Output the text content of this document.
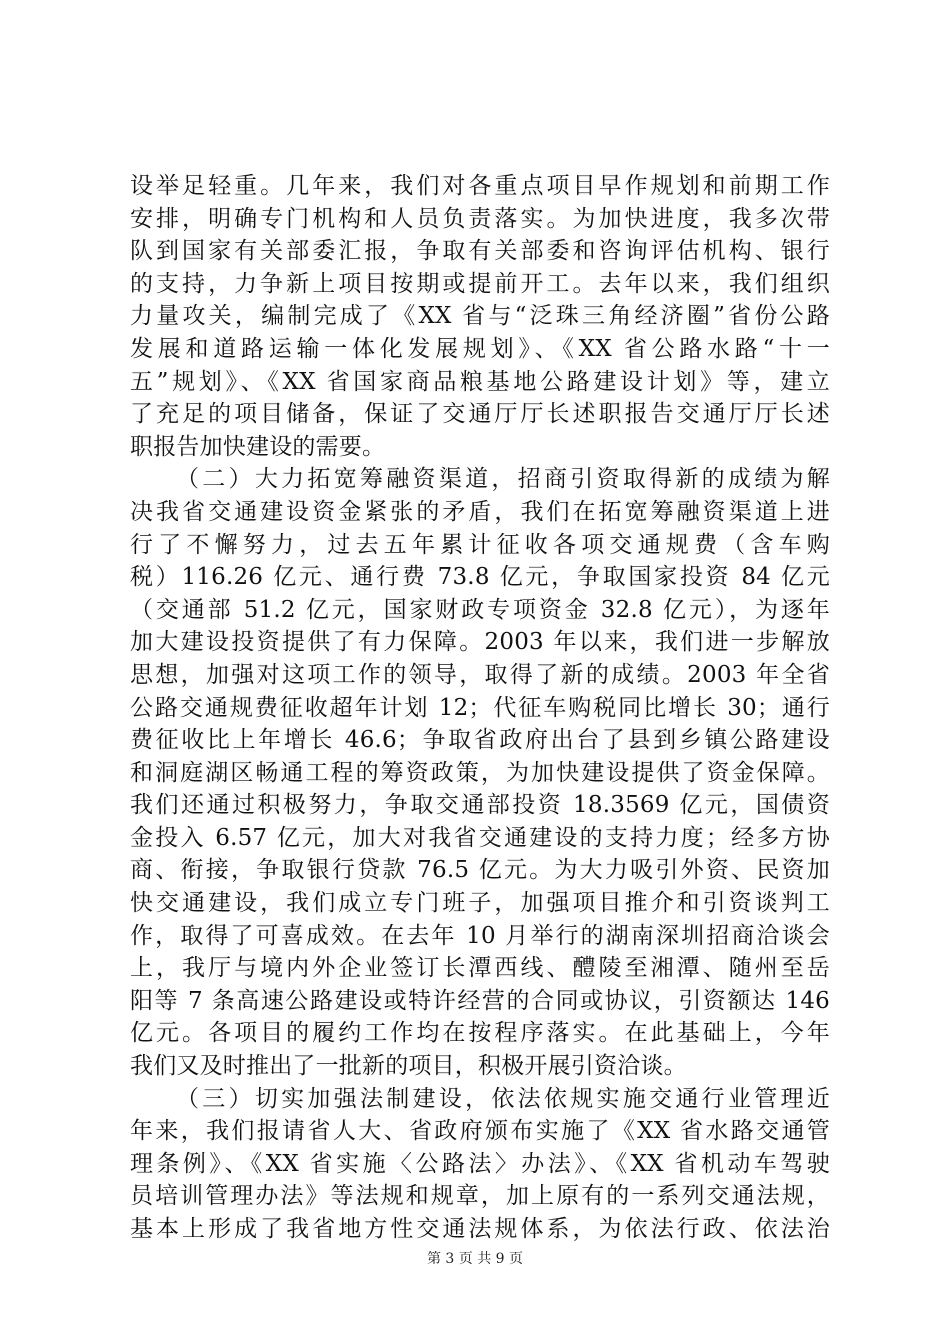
设举足轻重。几年来，我们对各重点项目早作规划和前期工作
安排，明确专门机构和人员负责落实。为加快进度，我多次带
队到国家有关部委汇报，争取有关部委和咨询评估机构、银行
的支持，力争新上项目按期或提前开工。去年以来，我们组织
力量攻关，编制完成了《XX 省与“泛珠三角经济圈”省份公路
发展和道路运输一体化发展规划》、《XX 省公路水路“十一
五”规划》、《XX 省国家商品粮基地公路建设计划》等，建立
了充足的项目储备，保证了交通厅厅长述职报告交通厅厅长述
职报告加快建设的需要。
（二）大力拓宽筹融资渠道，招商引资取得新的成绩为解
决我省交通建设资金紧张的矛盾，我们在拓宽筹融资渠道上进
行了不懈努力，过去五年累计征收各项交通规费（含车购
税）116.26 亿元、通行费 73.8 亿元，争取国家投资 84 亿元
（交通部 51.2 亿元，国家财政专项资金 32.8 亿元），为逐年
加大建设投资提供了有力保障。2003 年以来，我们进一步解放
思想，加强对这项工作的领导，取得了新的成绩。2003 年全省
公路交通规费征收超年计划 12；代征车购税同比增长 30；通行
费征收比上年增长 46.6；争取省政府出台了县到乡镇公路建设
和洞庭湖区畅通工程的筹资政策，为加快建设提供了资金保障。
我们还通过积极努力，争取交通部投资 18.3569 亿元，国债资
金投入 6.57 亿元，加大对我省交通建设的支持力度；经多方协
商、衔接，争取银行贷款 76.5 亿元。为大力吸引外资、民资加
快交通建设，我们成立专门班子，加强项目推介和引资谈判工
作，取得了可喜成效。在去年 10 月举行的湖南深圳招商洽谈会
上，我厅与境内外企业签订长潭西线、醴陵至湘潭、随州至岳
阳等 7 条高速公路建设或特许经营的合同或协议，引资额达 146
亿元。各项目的履约工作均在按程序落实。在此基础上，今年
我们又及时推出了一批新的项目，积极开展引资洽谈。
（三）切实加强法制建设，依法依规实施交通行业管理近
年来，我们报请省人大、省政府颁布实施了《XX 省水路交通管
理条例》、《XX 省实施〈公路法〉办法》、《XX 省机动车驾驶
员培训管理办法》等法规和规章，加上原有的一系列交通法规，
基本上形成了我省地方性交通法规体系，为依法行政、依法治
第 3 页 共 9 页
